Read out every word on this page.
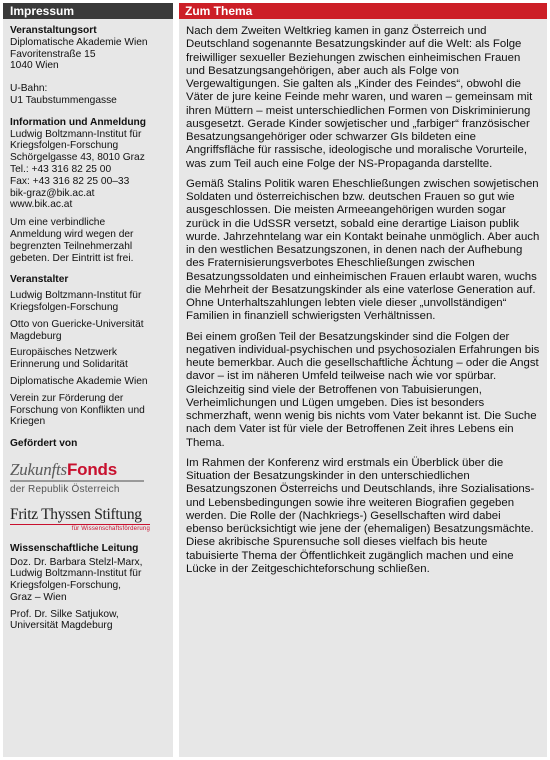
Impressum
Veranstaltungsort
Diplomatische Akademie Wien
Favoritenstraße 15
1040 Wien
U-Bahn:
U1 Taubstummengasse
Information und Anmeldung
Ludwig Boltzmann-Institut für
Kriegsfolgen-Forschung
Schörgelgasse 43, 8010 Graz
Tel.: +43 316 82 25 00
Fax: +43 316 82 25 00–33
bik-graz@bik.ac.at
www.bik.ac.at
Um eine verbindliche
Anmeldung wird wegen der
begrenzten Teilnehmerzahl
gebeten. Der Eintritt ist frei.
Veranstalter
Ludwig Boltzmann-Institut für
Kriegsfolgen-Forschung
Otto von Guericke-Universität
Magdeburg
Europäisches Netzwerk
Erinnerung und Solidarität
Diplomatische Akademie Wien
Verein zur Förderung der
Forschung von Konflikten und
Kriegen
Gefördert von
ZukunftsFonds
der Republik Österreich
Fritz Thyssen Stiftung
für Wissenschaftsförderung
Wissenschaftliche Leitung
Doz. Dr. Barbara Stelzl-Marx,
Ludwig Boltzmann-Institut für
Kriegsfolgen-Forschung,
Graz – Wien
Prof. Dr. Silke Satjukow,
Universität Magdeburg
Zum Thema

Nach dem Zweiten Weltkrieg kamen in ganz Österreich und Deutschland sogenannte Besatzungskinder auf die Welt: als Folge freiwilliger sexueller Beziehungen zwischen einheimischen Frauen und Besatzungsangehörigen, aber auch als Folge von Vergewaltigungen. Sie galten als „Kinder des Feindes“, obwohl die Väter de jure keine Feinde mehr waren, und waren – gemeinsam mit ihren Müttern – meist unterschiedlichen Formen von Diskriminierung ausgesetzt. Gerade Kinder sowjetischer und „farbiger“ französischer Besatzungsangehöriger oder schwarzer GIs bildeten eine Angriffsfläche für rassische, ideologische und moralische Vorurteile, was zum Teil auch eine Folge der NS-Propaganda darstellte.

Gemäß Stalins Politik waren Eheschließungen zwischen sowjetischen Soldaten und österreichischen bzw. deutschen Frauen so gut wie ausgeschlossen. Die meisten Armeeangehörigen wurden sogar zurück in die UdSSR versetzt, sobald eine derartige Liaison publik wurde. Jahrzehntelang war ein Kontakt beinahe unmöglich. Aber auch in den westlichen Besatzungszonen, in denen nach der Aufhebung des Fraternisierungsverbotes Eheschließungen zwischen Besatzungssoldaten und einheimischen Frauen erlaubt waren, wuchs die Mehrheit der Besatzungskinder als eine vaterlose Generation auf. Ohne Unterhaltszahlungen lebten viele dieser „unvollständigen“ Familien in finanziell schwierigsten Verhältnissen.

Bei einem großen Teil der Besatzungskinder sind die Folgen der negativen individual-psychischen und psychosozialen Erfahrungen bis heute bemerkbar. Auch die gesellschaftliche Ächtung – oder die Angst davor – ist im näheren Umfeld teilweise nach wie vor spürbar. Gleichzeitig sind viele der Betroffenen von Tabuisierungen, Verheimlichungen und Lügen umgeben. Dies ist besonders schmerzhaft, wenn wenig bis nichts vom Vater bekannt ist. Die Suche nach dem Vater ist für viele der Betroffenen Zeit ihres Lebens ein Thema.

Im Rahmen der Konferenz wird erstmals ein Überblick über die Situation der Besatzungskinder in den unterschiedlichen Besatzungszonen Österreichs und Deutschlands, ihre Sozialisations- und Lebensbedingungen sowie ihre weiteren Biografien gegeben werden. Die Rolle der (Nachkriegs-) Gesellschaften wird dabei ebenso berücksichtigt wie jene der (ehemaligen) Besatzungsmächte. Diese akribische Spurensuche soll dieses vielfach bis heute tabuisierte Thema der Öffentlichkeit zugänglich machen und eine Lücke in der Zeitgeschichteforschung schließen.
